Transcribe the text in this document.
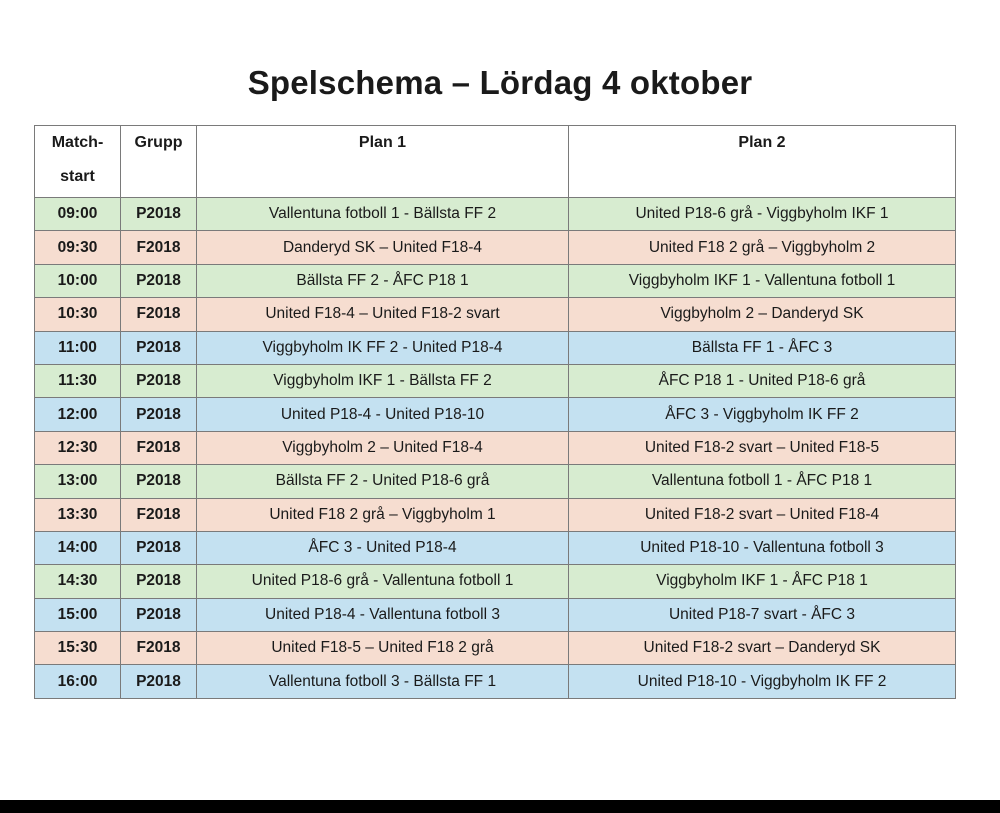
Spelschema – Lördag 4 oktober
Match-
start	Grupp	Plan 1	Plan 2
09:00	P2018	Vallentuna fotboll 1 - Bällsta FF 2	United P18-6 grå - Viggbyholm IKF 1
09:30	F2018	Danderyd SK – United F18-4	United F18 2 grå – Viggbyholm 2
10:00	P2018	Bällsta FF 2 - ÅFC P18 1	Viggbyholm IKF 1 - Vallentuna fotboll 1
10:30	F2018	United F18-4 – United F18-2 svart	Viggbyholm 2 – Danderyd SK
11:00	P2018	Viggbyholm IK FF 2 - United P18-4	Bällsta FF 1 - ÅFC 3
11:30	P2018	Viggbyholm IKF 1 - Bällsta FF 2	ÅFC P18 1 - United P18-6 grå
12:00	P2018	United P18-4 - United P18-10	ÅFC 3 - Viggbyholm IK FF 2
12:30	F2018	Viggbyholm 2 – United F18-4	United F18-2 svart – United F18-5
13:00	P2018	Bällsta FF 2 - United P18-6 grå	Vallentuna fotboll 1 - ÅFC P18 1
13:30	F2018	United F18 2 grå – Viggbyholm 1	United F18-2 svart – United F18-4
14:00	P2018	ÅFC 3 - United P18-4	United P18-10 - Vallentuna fotboll 3
14:30	P2018	United P18-6 grå - Vallentuna fotboll 1	Viggbyholm IKF 1 - ÅFC P18 1
15:00	P2018	United P18-4 - Vallentuna fotboll 3	United P18-7 svart - ÅFC 3
15:30	F2018	United F18-5 – United F18 2 grå	United F18-2 svart – Danderyd SK
16:00	P2018	Vallentuna fotboll 3 - Bällsta FF 1	United P18-10 - Viggbyholm IK FF 2
